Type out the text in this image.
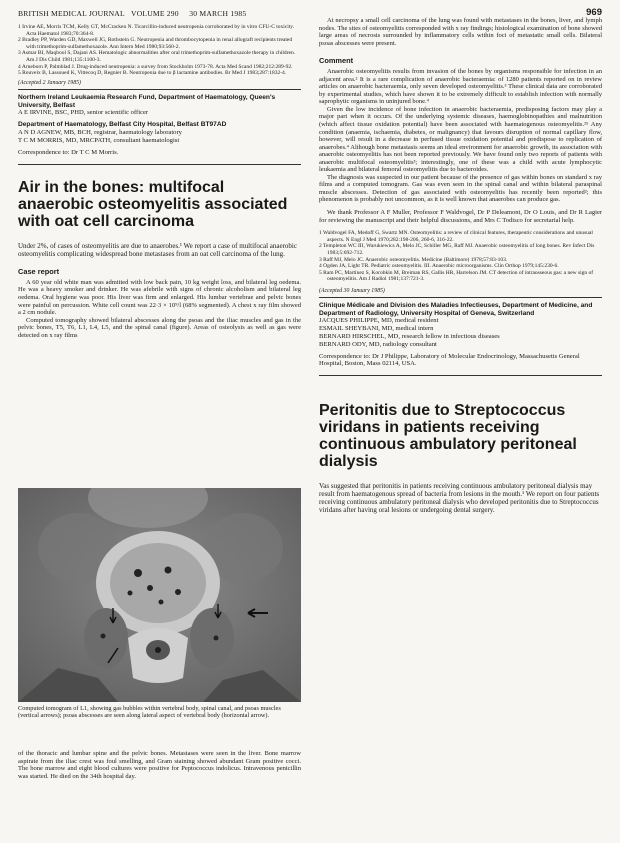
BRITISH MEDICAL JOURNAL VOLUME 290 30 MARCH 1985	969

1 Irvine AE, Morris TCM, Kelly GT, McCracken N. Ticarcillin-induced neutropenia corroborated by in vitro CFU-C toxicity. Acta Haematol 1983;70:364-8.

2 Bradley PP, Warden GD, Maxwell JG, Rothstein G. Neutropenia and thrombocytopenia in renal allograft recipients treated with trimethoprim-sulfamethoxazole. Ann Intern Med 1980;93:560-2.

3 Asmar BI, Maqbool S, Dajani AS. Hematologic abnormalities after oral trimethoprim-sulfamethoxazole therapy in children. Am J Dis Child 1981;135:1100-3.

4 Arneborn P, Palmblad J. Drug-induced neutropenia: a survey from Stockholm 1973-78. Acta Med Scand 1982;212:289-92.

5 Rouveix B, Lassoued K, Vittecoq D, Regnier B. Neutropenia due to β lactamine antibodies. Br Med J 1983;287:1832-4.

(Accepted 2 January 1985)
Northern Ireland Leukaemia Research Fund, Department of Haematology, Queen's University, Belfast
A E IRVINE, BSC, PHD, senior scientific officer
Department of Haematology, Belfast City Hospital, Belfast BT97AD
A N D AGNEW, MB, BCH, registrar, haematology laboratory
T C M MORRIS, MD, MRCPATH, consultant haematologist
Correspondence to: Dr T C M Morris.
Air in the bones: multifocal anaerobic osteomyelitis associated with oat cell carcinoma

Under 2%, of cases of osteomyelitis are due to anaerobes.¹ We report a case of multifocal anaerobic osteomyelitis complicating widespread bone metastases from an oat cell carcinoma of the lung.

Case report

A 60 year old white man was admitted with low back pain, 10 kg weight loss, and bilateral leg oedema. He was a heavy smoker and drinker. He was afebrile with signs of chronic alcoholism and bilateral leg oedema. Oral hygiene was poor. His liver was firm and enlarged. His lumbar vertebrae and pelvic bones were painful on percussion. White cell count was 22·3 × 10⁹/l (68% segmented). A chest x ray film showed a 2 cm nodule.

Computed tomography showed bilateral abscesses along the psoas and the iliac muscles and gas in the pelvic bones, T5, T6, L1, L4, L5, and the spinal canal (figure). Areas of osteolysis as well as gas were detected on x ray films

Computed tomogram of L1, showing gas bubbles within vertebral body, spinal canal, and psoas muscles (vertical arrows); psoas abscesses are seen along lateral aspect of vertebral body (horizontal arrow).

of the thoracic and lumbar spine and the pelvic bones. Metastases were seen in the liver. Bone marrow aspirate from the iliac crest was foul smelling, and Gram staining showed abundant Gram positive cocci. The bone marrow and eight blood cultures were positive for Peptococcus indolicus. Intravenous penicillin was started. He died on the 34th hospital day.

At necropsy a small cell carcinoma of the lung was found with metastases in the bones, liver, and lymph nodes. The sites of osteomyelitis corresponded with x ray findings; histological examination of bone showed large areas of necrosis surrounded by inflammatory cells within foci of metastatic small cells. Bilateral psoas abscesses were present.

Comment

Anaerobic osteomyelitis results from invasion of the bones by organisms responsible for infection in an adjacent area.² It is a rare complication of anaerobic bacteraemia: of 1280 patients reported on in review articles on anaerobic bacteraemia, only seven developed osteomyelitis.³ These clinical data are corroborated by experimental studies, which have shown it to be extremely difficult to establish infection with normally saprophytic organisms in uninjured bone.⁴

Given the low incidence of bone infection in anaerobic bacteraemia, predisposing factors may play a major part when it occurs. Of the underlying systemic diseases, haemoglobinopathies and malnutrition (which affect tissue oxidation potential) have been associated with haematogenous osteomyelitis.²⁵ Any condition (anaemia, ischaemia, diabetes, or malignancy) that favours disruption of normal capillary flow, however, will result in a decrease in perfused tissue oxidation potential and predispose to replication of anaerobes.⁴ Although bone metastasis seems an ideal environment for anaerobic growth, its association with anaerobic osteomyelitis has not been reported previously. We have found only two reports of patients with anaerobic multifocal osteomyelitis³; interestingly, one of these was a child with acute lymphocytic leukaemia and bilateral femoral osteomyelitis due to bacteroides.

The diagnosis was suspected in our patient because of the presence of gas within bones on standard x ray films and a computed tomogram. Gas was even seen in the spinal canal and within bilateral paraspinal muscle abscesses. Detection of gas associated with osteomyelitis has recently been reported²; this phenomenon is probably not uncommon, as it is well known that anaerobes can produce gas.

We thank Professor A F Muller, Professor F Waldvogel, Dr P Deleamont, Dr O Louis, and Dr R Lagier for reviewing the manuscript and their helpful discussions, and Mrs C Todisco for secretarial help.

1 Waldvogel FA, Medoff G, Swartz MN. Osteomyelitis: a review of clinical features, therapeutic considerations and unusual aspects. N Engl J Med 1970;282:198-206, 260-6, 316-22.

2 Templeton WC III, Warukiewics A, Melo JC, Schiller MG, Raff MJ. Anaerobic osteomyelitis of long bones. Rev Infect Dis 1983;5:692-712.

3 Raff MJ, Melo JC. Anaerobic osteomyelitis. Medicine (Baltimore) 1978;57:83-103.

4 Ogden JA, Light TR. Pediatric osteomyelitis. III. Anaerobic microorganisms. Clin Orthop 1979;145:230-6.

5 Ram PC, Martinez S, Korobkin M, Breiman RS, Gallis HR, Harrelson JM. CT detection of intraosseous gas: a new sign of osteomyelitis. Am J Radiol 1981;137:721-3.

(Accepted 30 January 1985)
Clinique Médicale and Division des Maladies Infectieuses, Department of Medicine, and Department of Radiology, University Hospital of Geneva, Switzerland
JACQUES PHILIPPE, MD, medical resident
ESMAIL SHEYBANI, MD, medical intern
BERNARD HIRSCHEL, MD, research fellow in infectious diseases
BERNARD ODY, MD, radiology consultant
Correspondence to: Dr J Philippe, Laboratory of Molecular Endocrinology, Massachusetts General Hospital, Boston, Mass 02114, USA.
Peritonitis due to Streptococcus viridans in patients receiving continuous ambulatory peritoneal dialysis

Vas suggested that peritonitis in patients receiving continuous ambulatory peritoneal dialysis may result from haematogenous spread of bacteria from lesions in the mouth.¹ We report on four patients receiving continuous ambulatory peritoneal dialysis who developed peritonitis due to Streptococcus viridans after having oral lesions or undergoing dental surgery.
